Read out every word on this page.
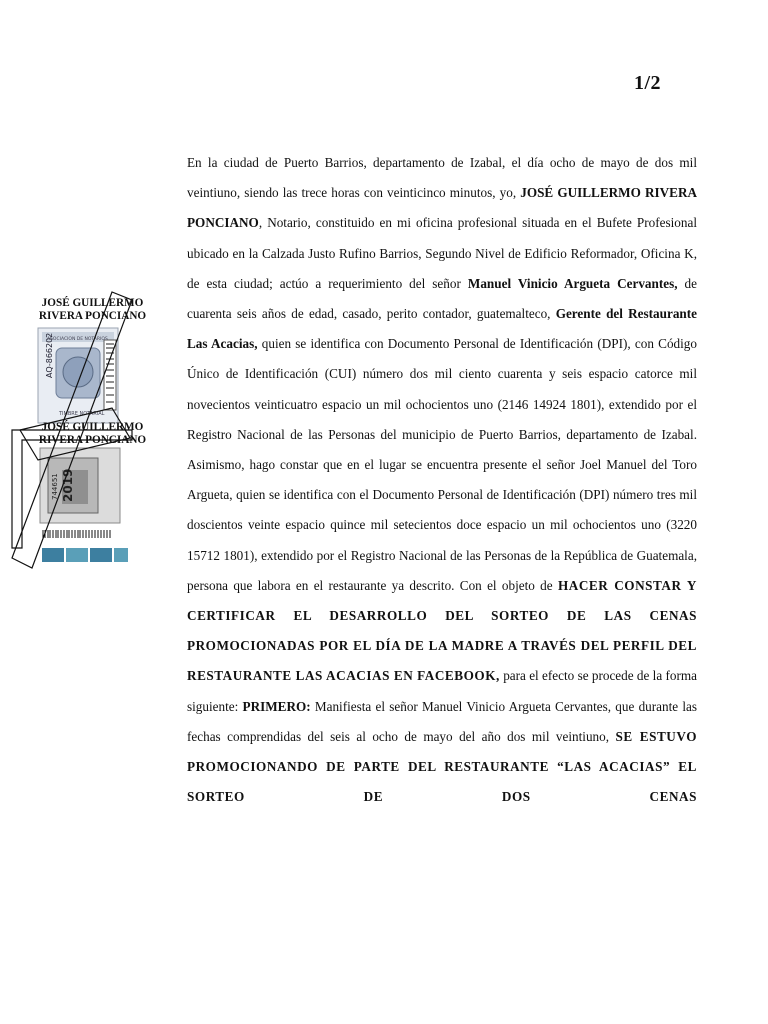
1/2
ASOCIACION DE NOTARIOS
TIMBRE NOTARIAL
AQ-866202
2019
744651

JOSÉ GUILLERMO
RIVERA PONCIANO

JOSÉ GUILLERMO
RIVERA PONCIANO

En la ciudad de Puerto Barrios, departamento de Izabal, el día ocho de mayo de dos mil veintiuno, siendo las trece horas con veinticinco minutos, yo, JOSÉ GUILLERMO RIVERA PONCIANO, Notario, constituido en mi oficina profesional situada en el Bufete Profesional ubicado en la Calzada Justo Rufino Barrios, Segundo Nivel de Edificio Reformador, Oficina K, de esta ciudad; actúo a requerimiento del señor Manuel Vinicio Argueta Cervantes, de cuarenta seis años de edad, casado, perito contador, guatemalteco, Gerente del Restaurante Las Acacias, quien se identifica con Documento Personal de Identificación (DPI), con Código Único de Identificación (CUI) número dos mil ciento cuarenta y seis espacio catorce mil novecientos veinticuatro espacio un mil ochocientos uno (2146 14924 1801), extendido por el Registro Nacional de las Personas del municipio de Puerto Barrios, departamento de Izabal. Asimismo, hago constar que en el lugar se encuentra presente el señor Joel Manuel del Toro Argueta, quien se identifica con el Documento Personal de Identificación (DPI) número tres mil doscientos veinte espacio quince mil setecientos doce espacio un mil ochocientos uno (3220 15712 1801), extendido por el Registro Nacional de las Personas de la República de Guatemala, persona que labora en el restaurante ya descrito. Con el objeto de HACER CONSTAR Y CERTIFICAR EL DESARROLLO DEL SORTEO DE LAS CENAS PROMOCIONADAS POR EL DÍA DE LA MADRE A TRAVÉS DEL PERFIL DEL RESTAURANTE LAS ACACIAS EN FACEBOOK, para el efecto se procede de la forma siguiente: PRIMERO: Manifiesta el señor Manuel Vinicio Argueta Cervantes, que durante las fechas comprendidas del seis al ocho de mayo del año dos mil veintiuno, SE ESTUVO PROMOCIONANDO DE PARTE DEL RESTAURANTE “LAS ACACIAS” EL SORTEO DE DOS CENAS
